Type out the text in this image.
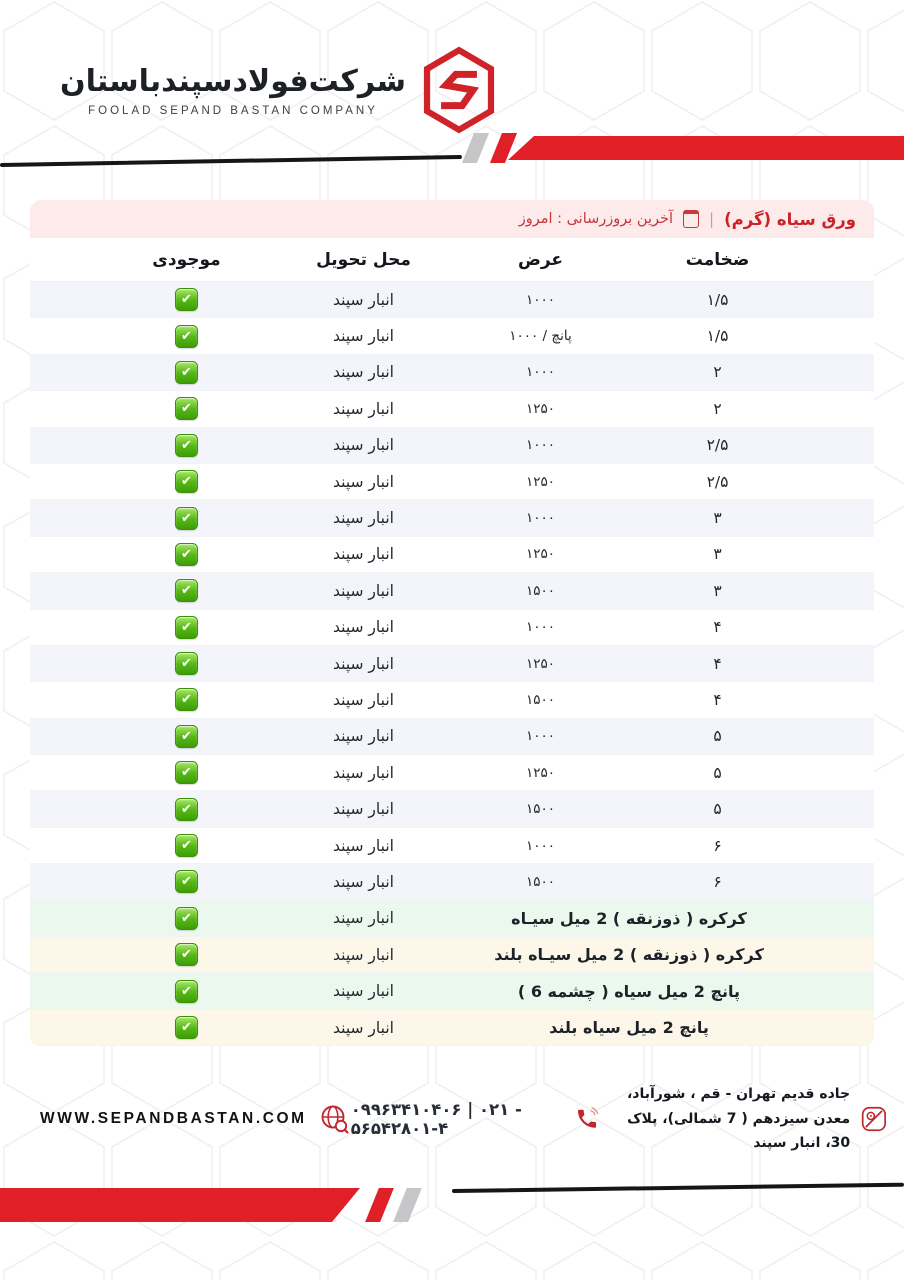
شرکت‌فولادسپندباستان
FOOLAD SEPAND BASTAN COMPANY
ورق سیاه (گرم)
|
آخرین بروزرسانی : امروز
ضخامت
عرض
محل تحویل
موجودی
۱/۵
۱۰۰۰
انبار سپند
✔
۱/۵
پانچ / ۱۰۰۰
انبار سپند
✔
۲
۱۰۰۰
انبار سپند
✔
۲
۱۲۵۰
انبار سپند
✔
۲/۵
۱۰۰۰
انبار سپند
✔
۲/۵
۱۲۵۰
انبار سپند
✔
۳
۱۰۰۰
انبار سپند
✔
۳
۱۲۵۰
انبار سپند
✔
۳
۱۵۰۰
انبار سپند
✔
۴
۱۰۰۰
انبار سپند
✔
۴
۱۲۵۰
انبار سپند
✔
۴
۱۵۰۰
انبار سپند
✔
۵
۱۰۰۰
انبار سپند
✔
۵
۱۲۵۰
انبار سپند
✔
۵
۱۵۰۰
انبار سپند
✔
۶
۱۰۰۰
انبار سپند
✔
۶
۱۵۰۰
انبار سپند
✔
کرکره ( ذوزنقه ) 2 میل سیـاه
انبار سپند
✔
کرکره ( ذوزنقه ) 2 میل سیـاه بلند
انبار سپند
✔
پانچ 2 میل سیاه ( چشمه 6 )
انبار سپند
✔
پانچ 2 میل سیاه بلند
انبار سپند
✔
جاده قدیم تهران - قم ، شورآباد،
معدن سیزدهم ( 7 شمالی)، پلاک 30، انبار سپند
۰۹۹۶۳۴۱۰۴۰۶ | ۰۲۱ - ۵۶۵۴۲۸۰۱-۴
WWW.SEPANDBASTAN.COM
